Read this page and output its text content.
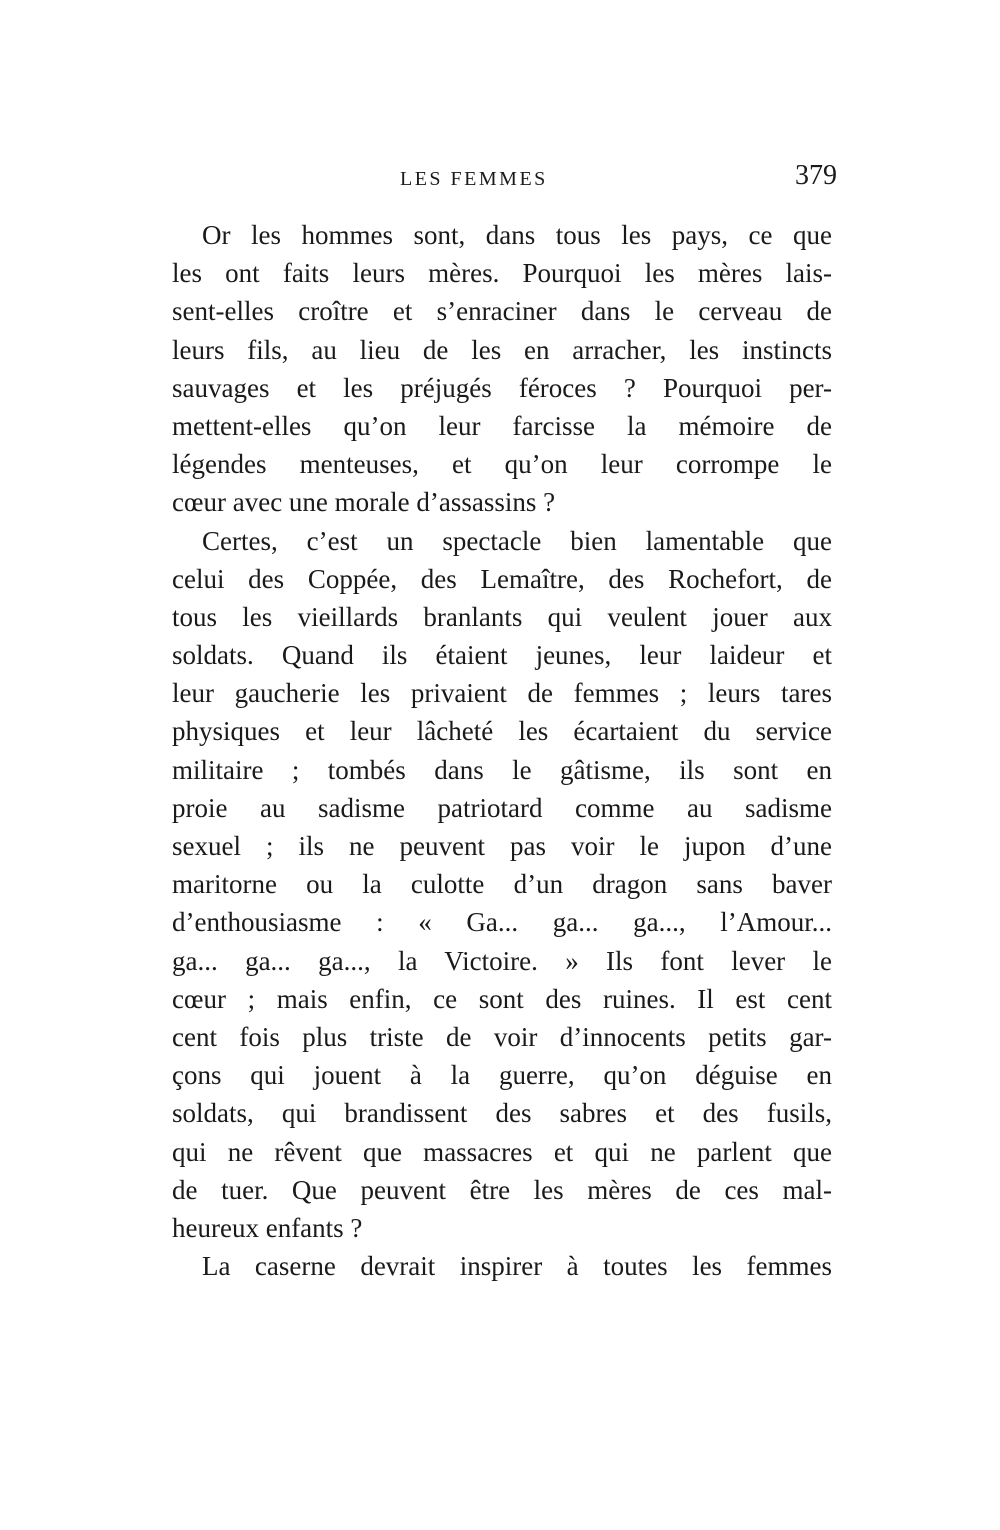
LES FEMMES	379
Or les hommes sont, dans tous les pays, ce que
les ont faits leurs mères. Pourquoi les mères lais-
sent-elles croître et s’enraciner dans le cerveau de
leurs fils, au lieu de les en arracher, les instincts
sauvages et les préjugés féroces ? Pourquoi per-
mettent-elles qu’on leur farcisse la mémoire de
légendes menteuses, et qu’on leur corrompe le
cœur avec une morale d’assassins ?
Certes, c’est un spectacle bien lamentable que
celui des Coppée, des Lemaître, des Rochefort, de
tous les vieillards branlants qui veulent jouer aux
soldats. Quand ils étaient jeunes, leur laideur et
leur gaucherie les privaient de femmes ; leurs tares
physiques et leur lâcheté les écartaient du service
militaire ; tombés dans le gâtisme, ils sont en
proie au sadisme patriotard comme au sadisme
sexuel ; ils ne peuvent pas voir le jupon d’une
maritorne ou la culotte d’un dragon sans baver
d’enthousiasme : « Ga... ga... ga..., l’Amour...
ga... ga... ga..., la Victoire. » Ils font lever le
cœur ; mais enfin, ce sont des ruines. Il est cent
cent fois plus triste de voir d’innocents petits gar-
çons qui jouent à la guerre, qu’on déguise en
soldats, qui brandissent des sabres et des fusils,
qui ne rêvent que massacres et qui ne parlent que
de tuer. Que peuvent être les mères de ces mal-
heureux enfants ?
La caserne devrait inspirer à toutes les femmes
